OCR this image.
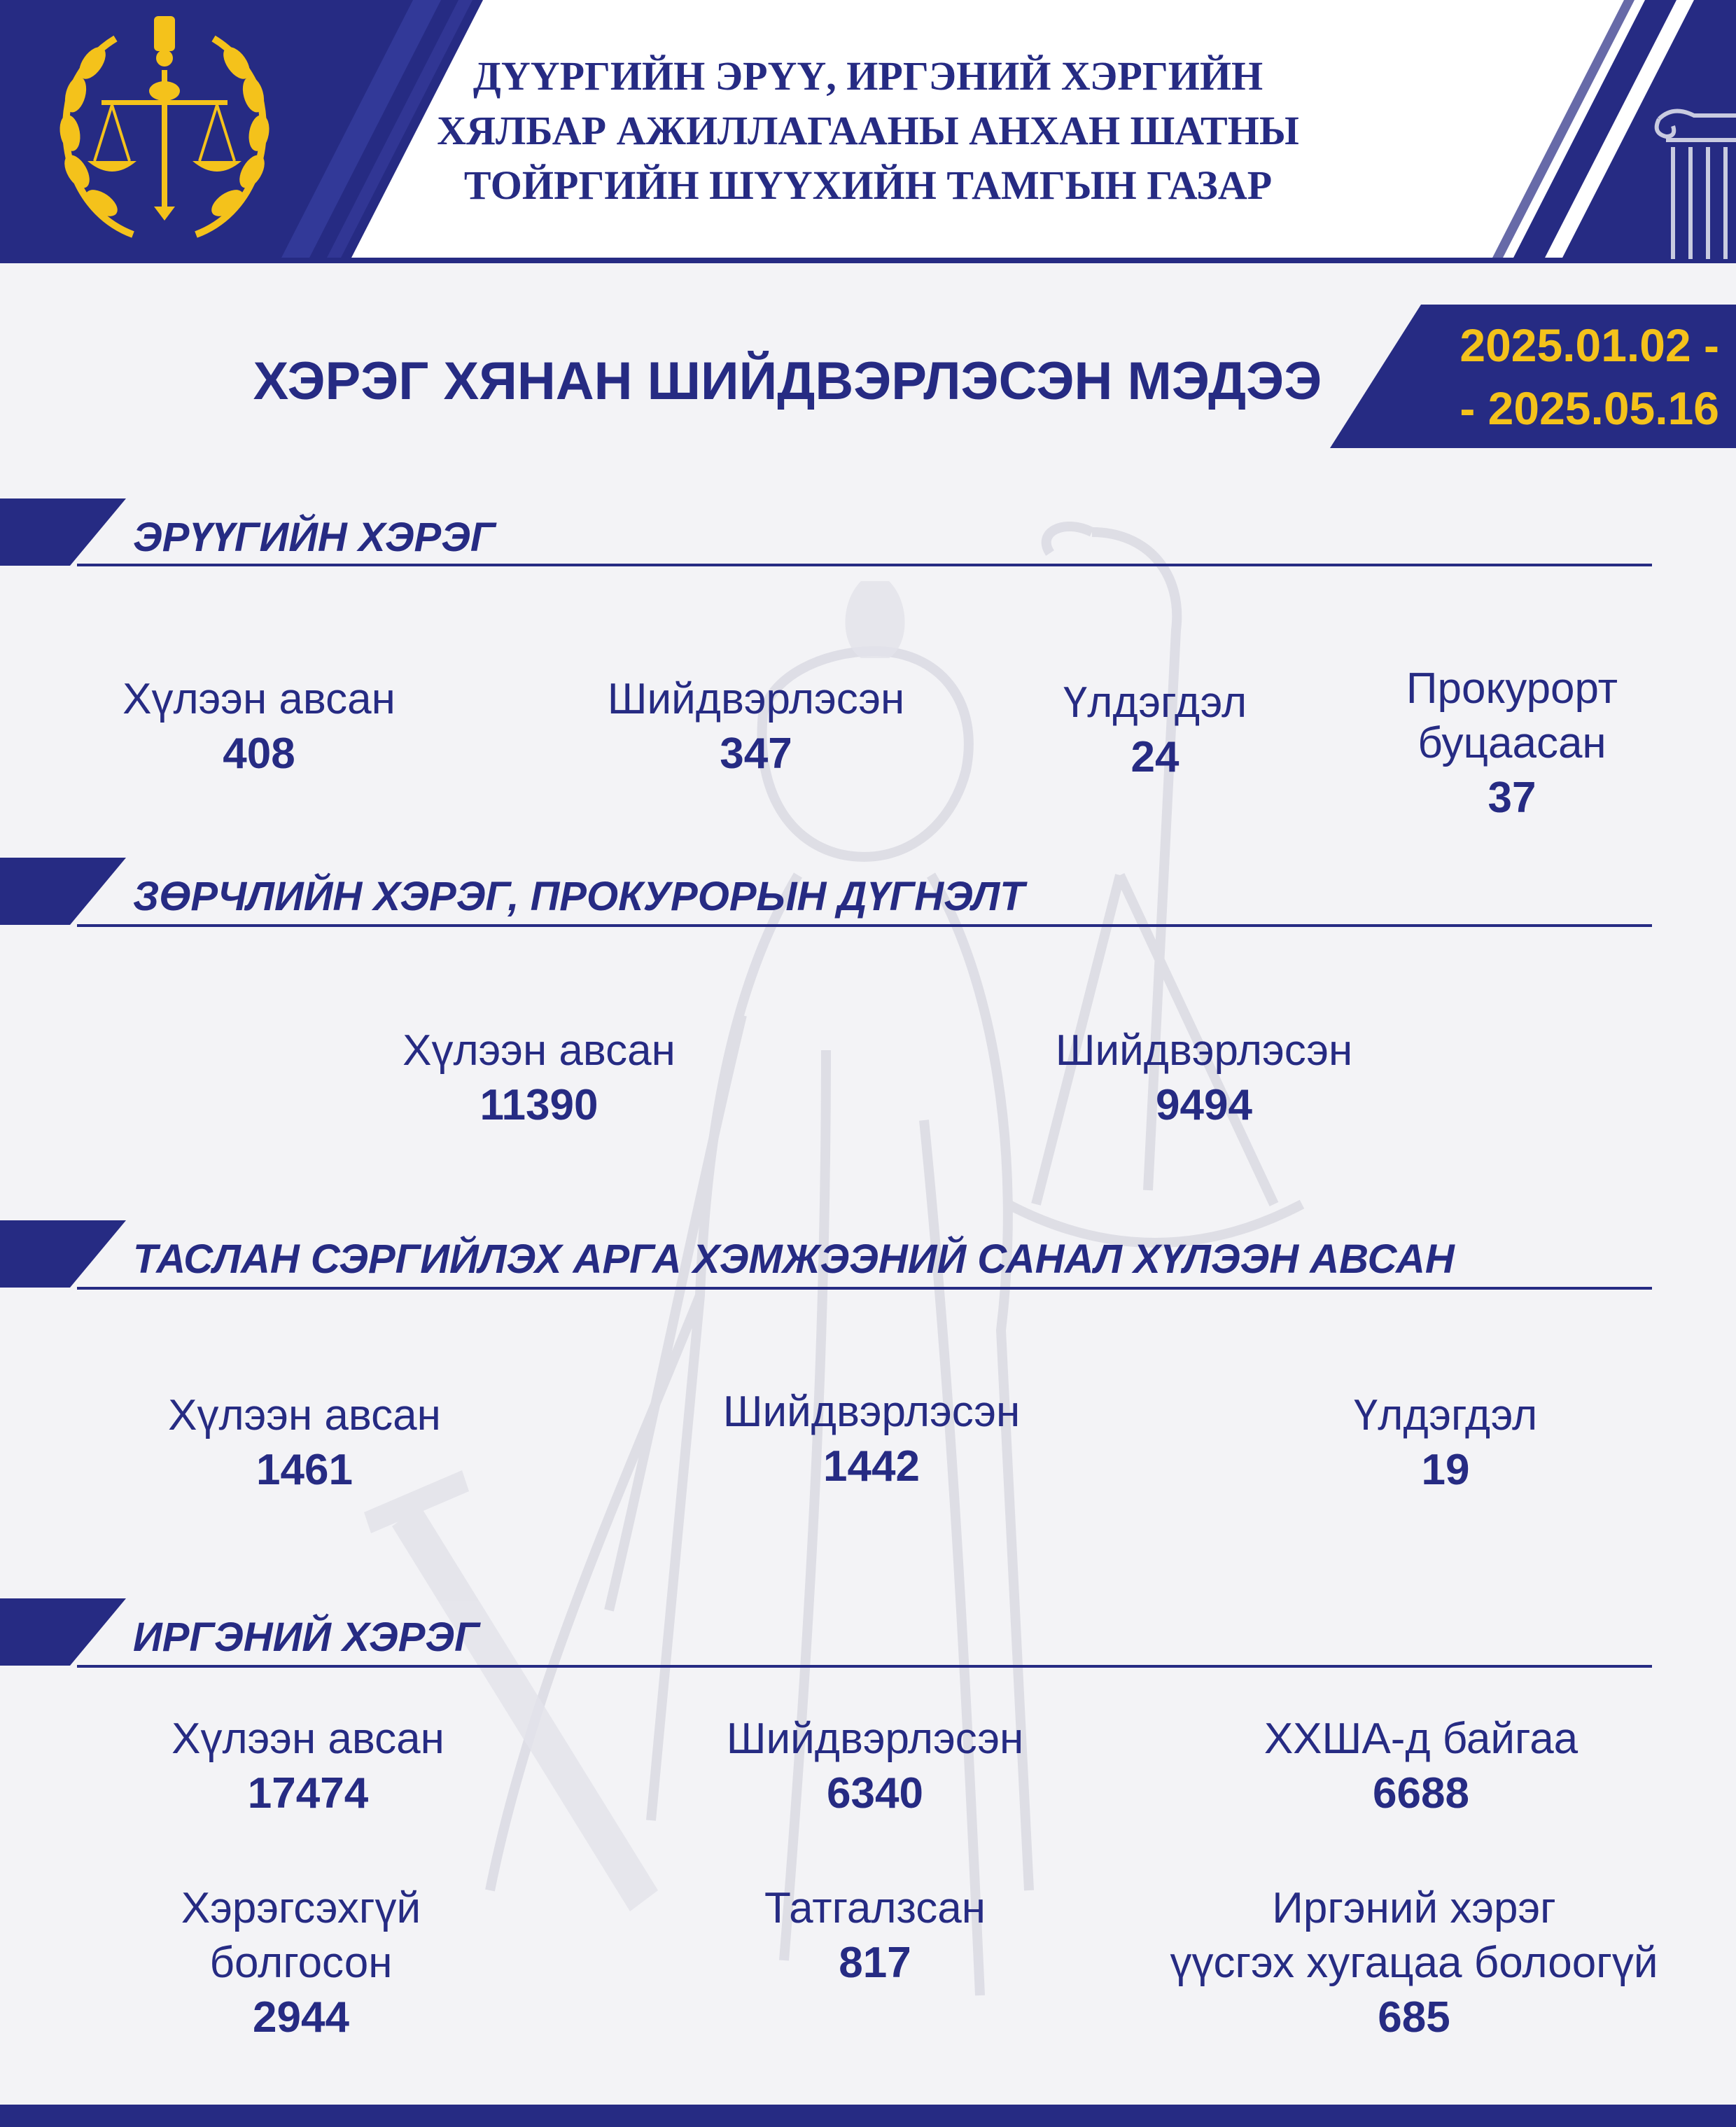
ДҮҮРГИЙН ЭРҮҮ, ИРГЭНИЙ ХЭРГИЙН
ХЯЛБАР АЖИЛЛАГААНЫ АНХАН ШАТНЫ
ТОЙРГИЙН ШҮҮХИЙН ТАМГЫН ГАЗАР
ХЭРЭГ ХЯНАН ШИЙДВЭРЛЭСЭН МЭДЭЭ
2025.01.02 -
- 2025.05.16
ЭРҮҮГИЙН ХЭРЭГ
Хүлээн авсан
408
Шийдвэрлэсэн
347
Үлдэгдэл
24
Прокурорт
буцаасан
37
ЗӨРЧЛИЙН ХЭРЭГ, ПРОКУРОРЫН ДҮГНЭЛТ
Хүлээн авсан
11390
Шийдвэрлэсэн
9494
ТАСЛАН СЭРГИЙЛЭХ АРГА ХЭМЖЭЭНИЙ САНАЛ ХҮЛЭЭН АВСАН
Хүлээн авсан
1461
Шийдвэрлэсэн
1442
Үлдэгдэл
19
ИРГЭНИЙ ХЭРЭГ
Хүлээн авсан
17474
Шийдвэрлэсэн
6340
ХХША-д байгаа
6688
Хэрэгсэхгүй
болгосон
2944
Татгалзсан
817
Иргэний хэрэг
үүсгэх хугацаа болоогүй
685
